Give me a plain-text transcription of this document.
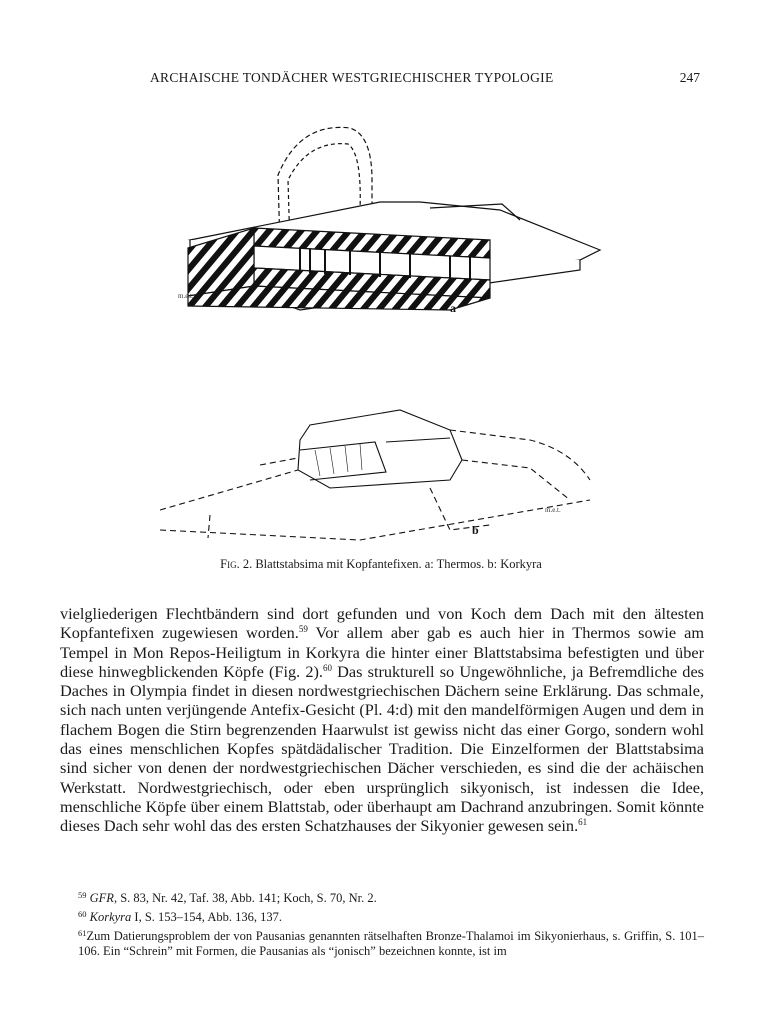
ARCHAISCHE TONDÄCHER WESTGRIECHISCHER TYPOLOGIE	247
a
m.e.t.
b
m.e.t.
Fig. 2. Blattstabsima mit Kopfantefixen. a: Thermos. b: Korkyra

vielgliederigen Flechtbändern sind dort gefunden und von Koch dem Dach mit den ältesten Kopfantefixen zugewiesen worden.$^{59}$ Vor allem aber gab es auch hier in Thermos sowie am Tempel in Mon Repos-Heiligtum in Korkyra die hinter einer Blattstabsima befestigten und über diese hinwegblickenden Köpfe (Fig. 2).$^{60}$ Das strukturell so Ungewöhnliche, ja Befremdliche des Daches in Olympia findet in diesen nordwestgriechischen Dächern seine Erklärung. Das schmale, sich nach unten verjüngende Antefix-Gesicht (Pl. 4:d) mit den mandelförmigen Augen und dem in flachem Bogen die Stirn begrenzenden Haarwulst ist gewiss nicht das einer Gorgo, sondern wohl das eines menschlichen Kopfes spätdädalischer Tradition. Die Einzelformen der Blattstabsima sind sicher von denen der nordwestgriechischen Dächer verschieden, es sind die der achäischen Werkstatt. Nordwestgriechisch, oder eben ursprünglich sikyonisch, ist indessen die Idee, menschliche Köpfe über einem Blattstab, oder überhaupt am Dachrand anzubringen. Somit könnte dieses Dach sehr wohl das des ersten Schatzhauses der Sikyonier gewesen sein.$^{61}$

$^{59}$ GFR, S. 83, Nr. 42, Taf. 38, Abb. 141; Koch, S. 70, Nr. 2.

$^{60}$ Korkyra I, S. 153–154, Abb. 136, 137.

$^{61}$Zum Datierungsproblem der von Pausanias genannten rätselhaften Bronze-Thalamoi im Sikyonierhaus, s. Griffin, S. 101–106. Ein “Schrein” mit Formen, die Pausanias als “jonisch” bezeichnen konnte, ist im
